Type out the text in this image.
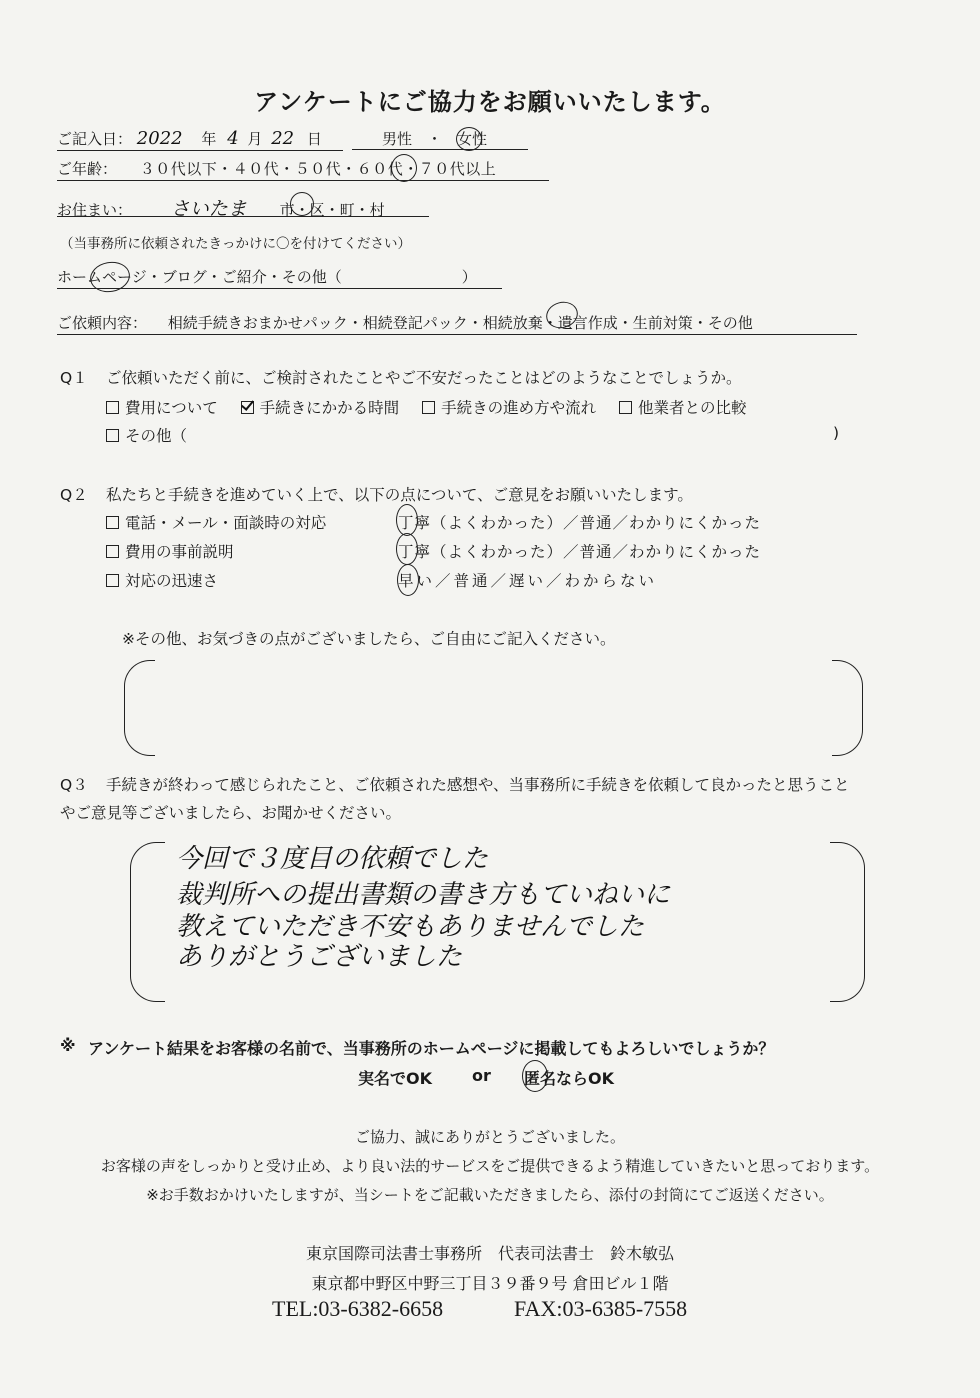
アンケートにご協力をお願いいたします。
ご記入日： 2022 年 4 月 22 日	男性　・　女性
ご年齢： ３０代以下・４０代・５０代・６０代・７０代以上
お住まい： さいたま 市・区・町・村
（当事務所に依頼されたきっかけに〇を付けてください）
ホームページ・ブログ・ご紹介・その他（　　　　　　　　）
ご依頼内容： 相続手続きおまかせパック・相続登記パック・相続放棄・遺言作成・生前対策・その他
Q１ ご依頼いただく前に、ご検討されたことやご不安だったことはどのようなことでしょうか。
費用について	手続きにかかる時間	手続きの進め方や流れ	他業者との比較
その他（	)
Q２ 私たちと手続きを進めていく上で、以下の点について、ご意見をお願いいたします。
電話・メール・面談時の対応	丁寧（よくわかった）／普通／わかりにくかった
費用の事前説明	丁寧（よくわかった）／普通／わかりにくかった
対応の迅速さ	早い／普通／遅い／わからない
※その他、お気づきの点がございましたら、ご自由にご記入ください。
Q３ 手続きが終わって感じられたこと、ご依頼された感想や、当事務所に手続きを依頼して良かったと思うこと
やご意見等ございましたら、お聞かせください。
今回で３度目の依頼でした
裁判所への提出書類の書き方もていねいに
教えていただき不安もありませんでした
ありがとうございました
※ アンケート結果をお客様の名前で、当事務所のホームページに掲載してもよろしいでしょうか？
実名でOK or 匿名ならOK
ご協力、誠にありがとうございました。
お客様の声をしっかりと受け止め、より良い法的サービスをご提供できるよう精進していきたいと思っております。
※お手数おかけいたしますが、当シートをご記載いただきましたら、添付の封筒にてご返送ください。
東京国際司法書士事務所　代表司法書士　鈴木敏弘
東京都中野区中野三丁目３９番９号 倉田ビル１階
TEL:03-6382-6658	FAX:03-6385-7558
